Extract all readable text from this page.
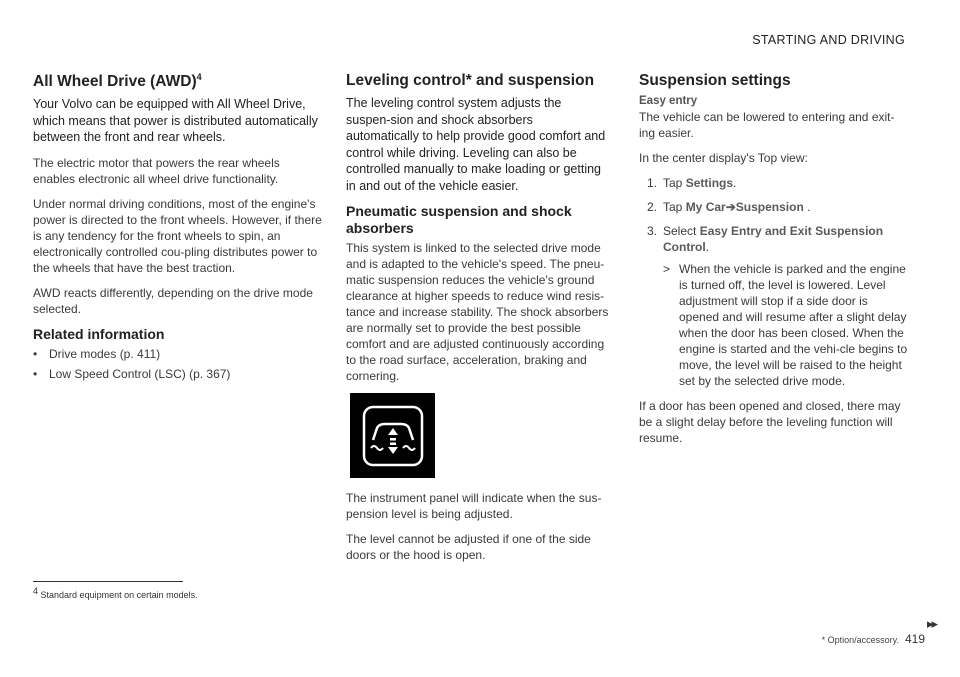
STARTING AND DRIVING
All Wheel Drive (AWD)$^4$

Your Volvo can be equipped with All Wheel Drive, which means that power is distributed automatically between the front and rear wheels.

The electric motor that powers the rear wheels enables electronic all wheel drive functionality.

Under normal driving conditions, most of the engine's power is directed to the front wheels. However, if there is any tendency for the front wheels to spin, an electronically controlled cou-pling distributes power to the wheels that have the best traction.

AWD reacts differently, depending on the drive mode selected.

Related information
• Drive modes (p. 411)
• Low Speed Control (LSC) (p. 367)
Leveling control* and suspension

The leveling control system adjusts the suspen-sion and shock absorbers automatically to help provide good comfort and control while driving. Leveling can also be controlled manually to make loading or getting in and out of the vehicle easier.

Pneumatic suspension and shock absorbers

This system is linked to the selected drive mode and is adapted to the vehicle's speed. The pneu-matic suspension reduces the vehicle's ground clearance at higher speeds to reduce wind resis-tance and increase stability. The shock absorbers are normally set to provide the best possible comfort and are adjusted continuously according to the road surface, acceleration, braking and cornering.

The instrument panel will indicate when the sus-pension level is being adjusted.

The level cannot be adjusted if one of the side doors or the hood is open.

Suspension settings
Easy entry

The vehicle can be lowered to entering and exit-ing easier.

In the center display's Top view:

1. Tap Settings.
2. Tap My Car➔Suspension .
3. Select Easy Entry and Exit Suspension Control.
> When the vehicle is parked and the engine is turned off, the level is lowered. Level adjustment will stop if a side door is opened and will resume after a slight delay when the door has been closed. When the engine is started and the vehi-cle begins to move, the level will be raised to the height set by the selected drive mode.

If a door has been opened and closed, there may be a slight delay before the leveling function will resume.

$^4$ Standard equipment on certain models.
▸▸
* Option/accessory. 419
